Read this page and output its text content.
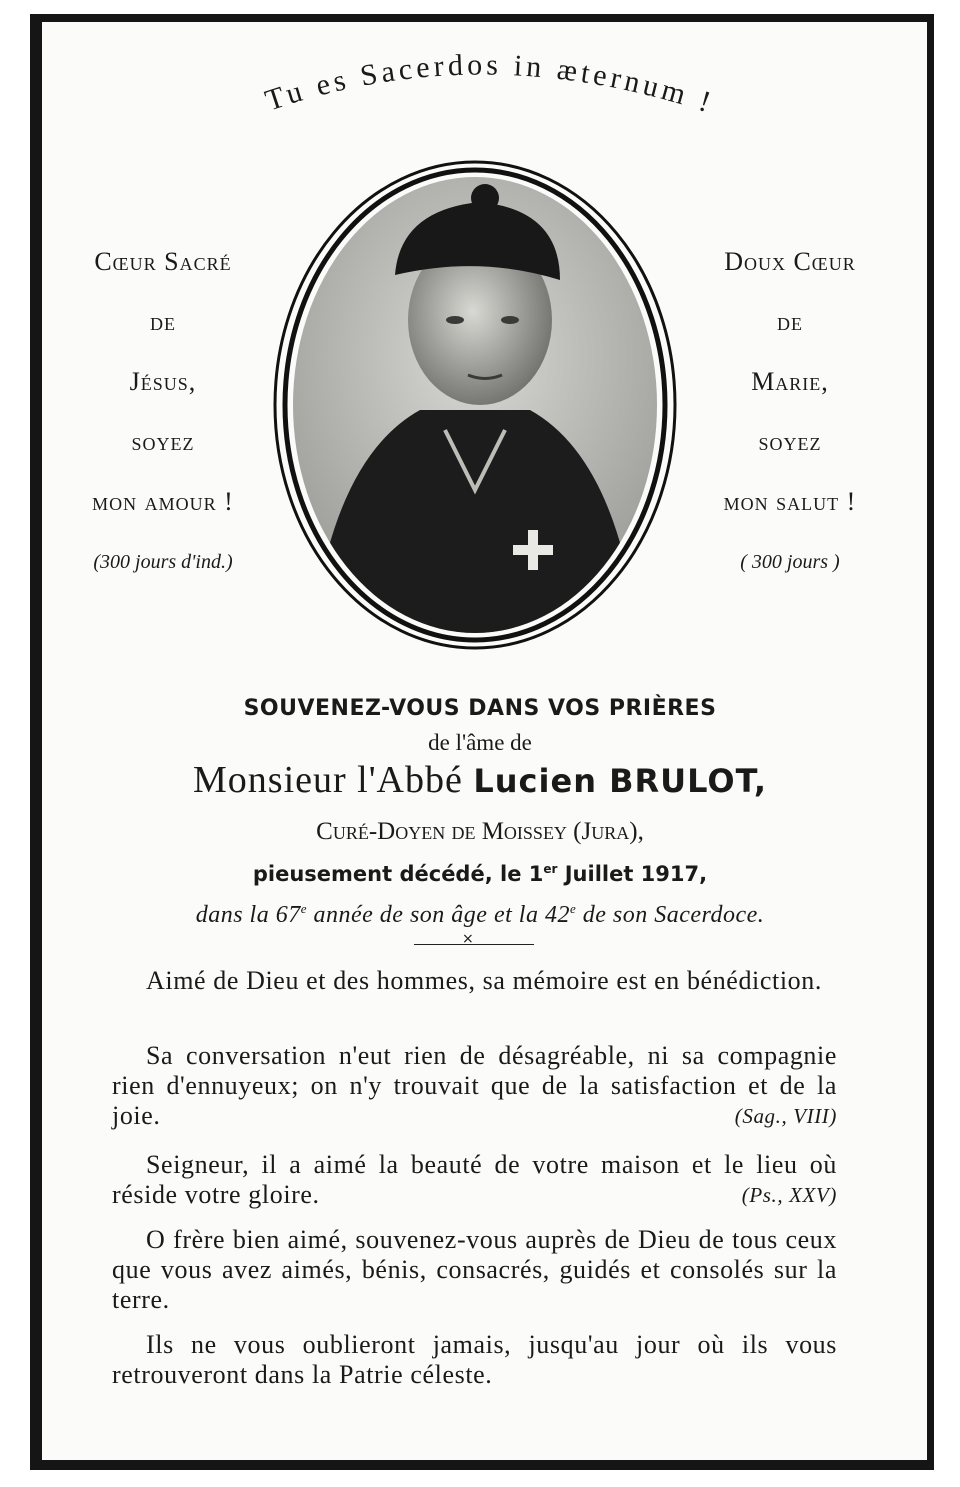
Tu es Sacerdos in æternum !
Cœur Sacré
de
Jésus,
soyez
mon amour !
(300 jours d'ind.)
Doux Cœur
de
Marie,
soyez
mon salut !
( 300 jours )
SOUVENEZ-VOUS DANS VOS PRIÈRES
de l'âme de
Monsieur l'Abbé Lucien BRULOT,
Curé-Doyen de Moissey (Jura),
pieusement décédé, le 1er Juillet 1917,
dans la 67e année de son âge et la 42e de son Sacerdoce.
×
Aimé de Dieu et des hommes, sa mémoire est en bénédiction.
Sa conversation n'eut rien de désagréable, ni sa compagnie rien d'ennuyeux; on n'y trouvait que de la satisfaction et de la joie.	(Sag., VIII)
Seigneur, il a aimé la beauté de votre maison et le lieu où réside votre gloire.	(Ps., XXV)
O frère bien aimé, souvenez-vous auprès de Dieu de tous ceux que vous avez aimés, bénis, consacrés, guidés et consolés sur la terre.
Ils ne vous oublieront jamais, jusqu'au jour où ils vous retrouveront dans la Patrie céleste.
